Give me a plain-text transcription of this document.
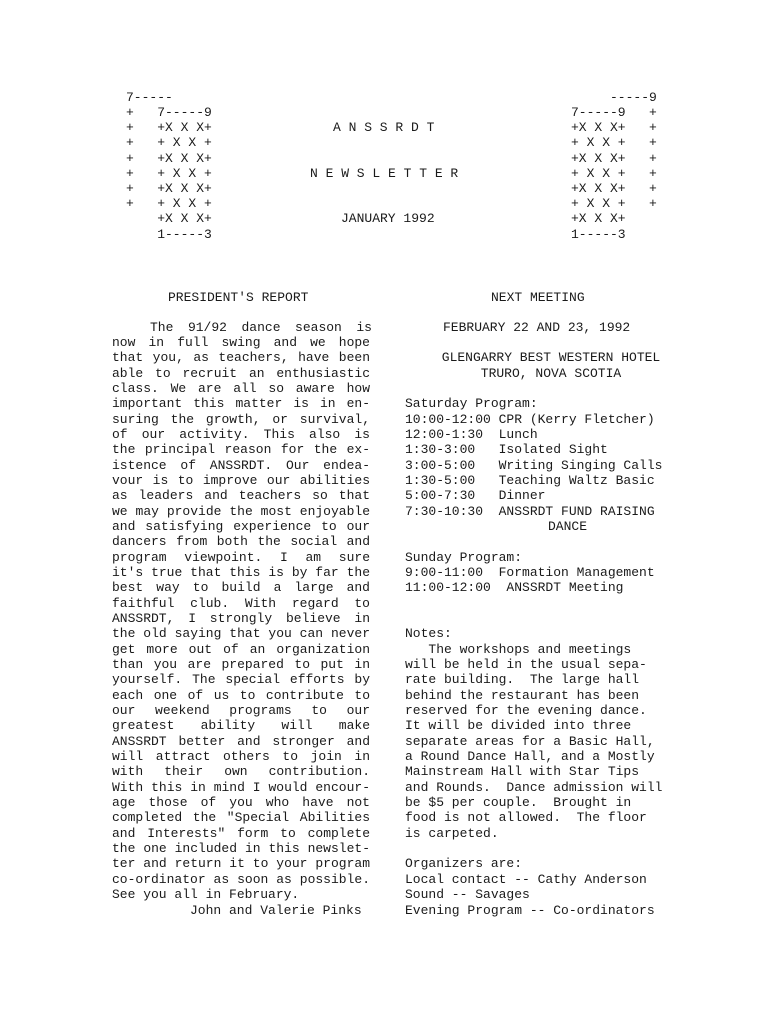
7-----
+   7-----9
+   +X X X+
+   + X X +
+   +X X X+
+   + X X +
+   +X X X+
+   + X X +
+X X X+
1-----3
-----9
7-----9   +
+X X X+   +
+ X X +   +
+X X X+   +
+ X X +   +
+X X X+   +
+ X X +   +
+X X X+
1-----3
A N S S R D T
N E W S L E T T E R
JANUARY 1992
PRESIDENT'S REPORT
The 91/92 dance season is
now in full swing and we hope
that you, as teachers, have been
able to recruit an enthusiastic
class. We are all so aware how
important this matter is in en-
suring the growth, or survival,
of our activity. This also is
the principal reason for the ex-
istence of ANSSRDT. Our endea-
vour is to improve our abilities
as leaders and teachers so that
we may provide the most enjoyable
and satisfying experience to our
dancers from both the social and
program viewpoint. I am sure
it's true that this is by far the
best way to build a large and
faithful club. With regard to
ANSSRDT, I strongly believe in
the old saying that you can never
get more out of an organization
than you are prepared to put in
yourself. The special efforts by
each one of us to contribute to
our weekend programs to our
greatest ability will make
ANSSRDT better and stronger and
will attract others to join in
with their own contribution.
With this in mind I would encour-
age those of you who have not
completed the "Special Abilities
and Interests" form to complete
the one included in this newslet-
ter and return it to your program
co-ordinator as soon as possible.
See you all in February.
John and Valerie Pinks
NEXT MEETING
FEBRUARY 22 AND 23, 1992
GLENGARRY BEST WESTERN HOTEL
TRURO, NOVA SCOTIA
Saturday Program:
10:00-12:00 CPR (Kerry Fletcher)
12:00-1:30  Lunch
1:30-3:00   Isolated Sight
3:00-5:00   Writing Singing Calls
1:30-5:00   Teaching Waltz Basic
5:00-7:30   Dinner
7:30-10:30  ANSSRDT FUND RAISING
DANCE
Sunday Program:
9:00-11:00  Formation Management
11:00-12:00  ANSSRDT Meeting
Notes:
The workshops and meetings
will be held in the usual sepa-
rate building.  The large hall
behind the restaurant has been
reserved for the evening dance.
It will be divided into three
separate areas for a Basic Hall,
a Round Dance Hall, and a Mostly
Mainstream Hall with Star Tips
and Rounds.  Dance admission will
be $5 per couple.  Brought in
food is not allowed.  The floor
is carpeted.
Organizers are:
Local contact -- Cathy Anderson
Sound -- Savages
Evening Program -- Co-ordinators
